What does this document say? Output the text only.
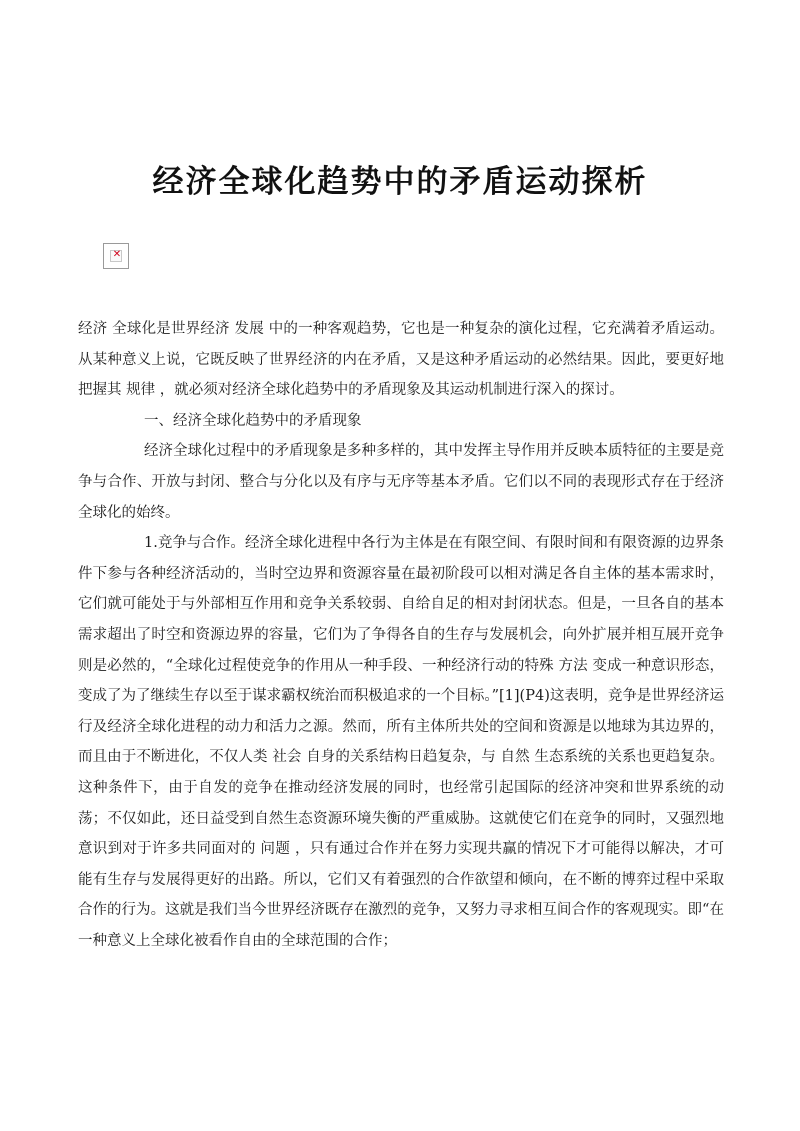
经济全球化趋势中的矛盾运动探析
✕

经济 全球化是世界经济 发展 中的一种客观趋势，它也是一种复杂的演化过程，它充满着矛盾运动。从某种意义上说，它既反映了世界经济的内在矛盾，又是这种矛盾运动的必然结果。因此，要更好地把握其 规律 ，就必须对经济全球化趋势中的矛盾现象及其运动机制进行深入的探讨。

一、经济全球化趋势中的矛盾现象

经济全球化过程中的矛盾现象是多种多样的，其中发挥主导作用并反映本质特征的主要是竞争与合作、开放与封闭、整合与分化以及有序与无序等基本矛盾。它们以不同的表现形式存在于经济全球化的始终。

1.竞争与合作。经济全球化进程中各行为主体是在有限空间、有限时间和有限资源的边界条件下参与各种经济活动的，当时空边界和资源容量在最初阶段可以相对满足各自主体的基本需求时，它们就可能处于与外部相互作用和竞争关系较弱、自给自足的相对封闭状态。但是，一旦各自的基本需求超出了时空和资源边界的容量，它们为了争得各自的生存与发展机会，向外扩展并相互展开竞争则是必然的，“全球化过程使竞争的作用从一种手段、一种经济行动的特殊 方法 变成一种意识形态，变成了为了继续生存以至于谋求霸权统治而积极追求的一个目标。”[1](P4)这表明，竞争是世界经济运行及经济全球化进程的动力和活力之源。然而，所有主体所共处的空间和资源是以地球为其边界的，而且由于不断进化，不仅人类 社会 自身的关系结构日趋复杂，与 自然 生态系统的关系也更趋复杂。这种条件下，由于自发的竞争在推动经济发展的同时，也经常引起国际的经济冲突和世界系统的动荡；不仅如此，还日益受到自然生态资源环境失衡的严重威胁。这就使它们在竞争的同时，又强烈地意识到对于许多共同面对的 问题 ，只有通过合作并在努力实现共赢的情况下才可能得以解决，才可能有生存与发展得更好的出路。所以，它们又有着强烈的合作欲望和倾向，在不断的博弈过程中采取合作的行为。这就是我们当今世界经济既存在激烈的竞争，又努力寻求相互间合作的客观现实。即“在一种意义上全球化被看作自由的全球范围的合作；
